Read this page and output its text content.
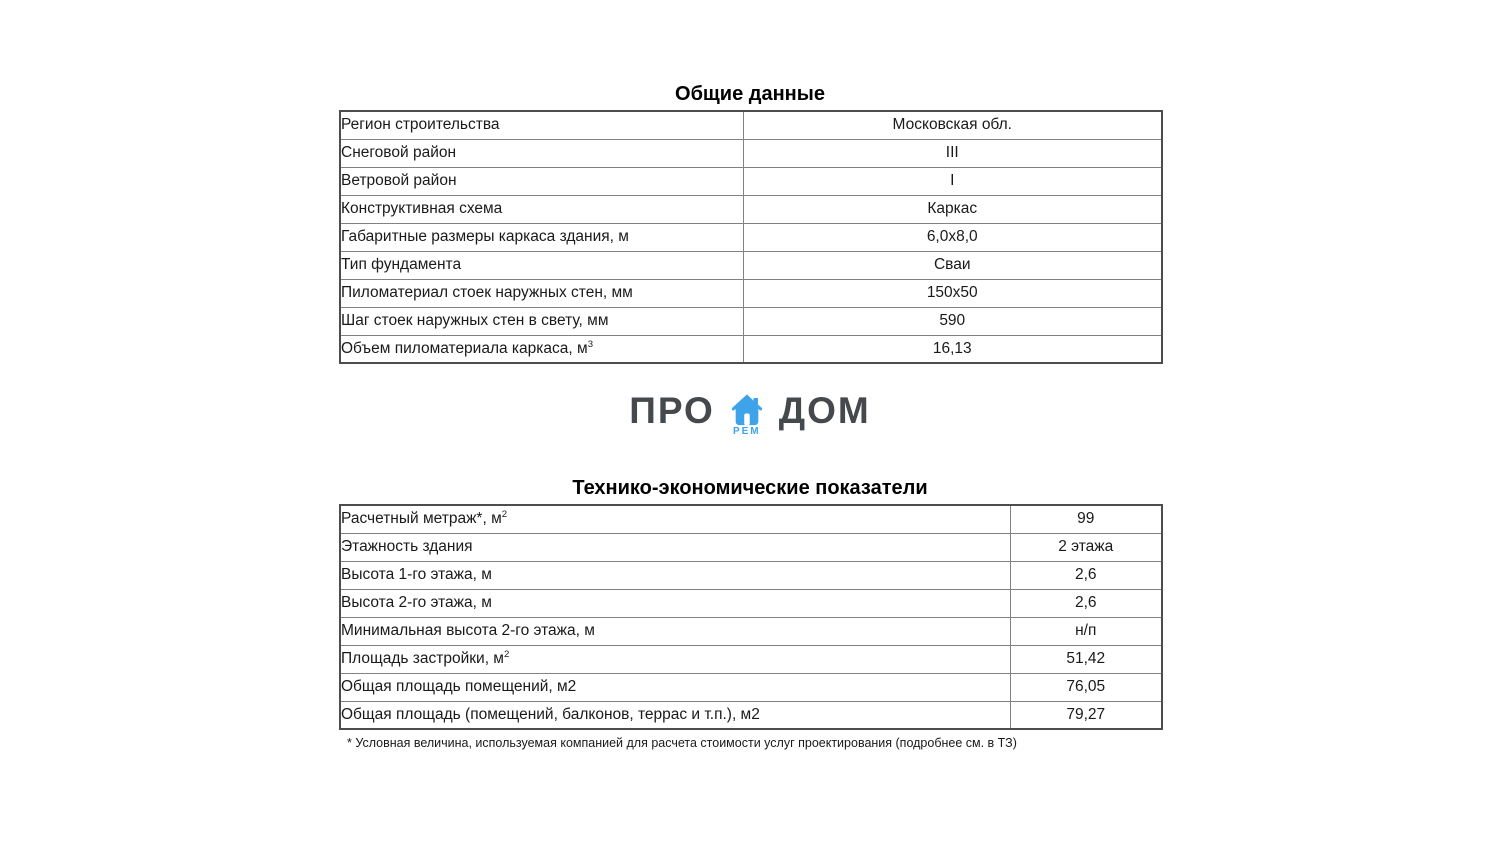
Общие данные
Регион строительства	Московская обл.
Снеговой район	III
Ветровой район	I
Конструктивная схема	Каркас
Габаритные размеры каркаса здания, м	6,0x8,0
Тип фундамента	Сваи
Пиломатериал стоек наружных стен, мм	150x50
Шаг стоек наружных стен в свету, мм	590
Объем пиломатериала каркаса, $м^3$	16,13
ПРО
РЕМ
ДОМ
Технико-экономические показатели
Расчетный метраж*, $м^2$	99
Этажность здания	2 этажа
Высота 1-го этажа, м	2,6
Высота 2-го этажа, м	2,6
Минимальная высота 2-го этажа, м	н/п
Площадь застройки, $м^2$	51,42
Общая площадь помещений, м2	76,05
Общая площадь (помещений, балконов, террас и т.п.), м2	79,27
* Условная величина, используемая компанией для расчета стоимости услуг проектирования (подробнее см. в ТЗ)
